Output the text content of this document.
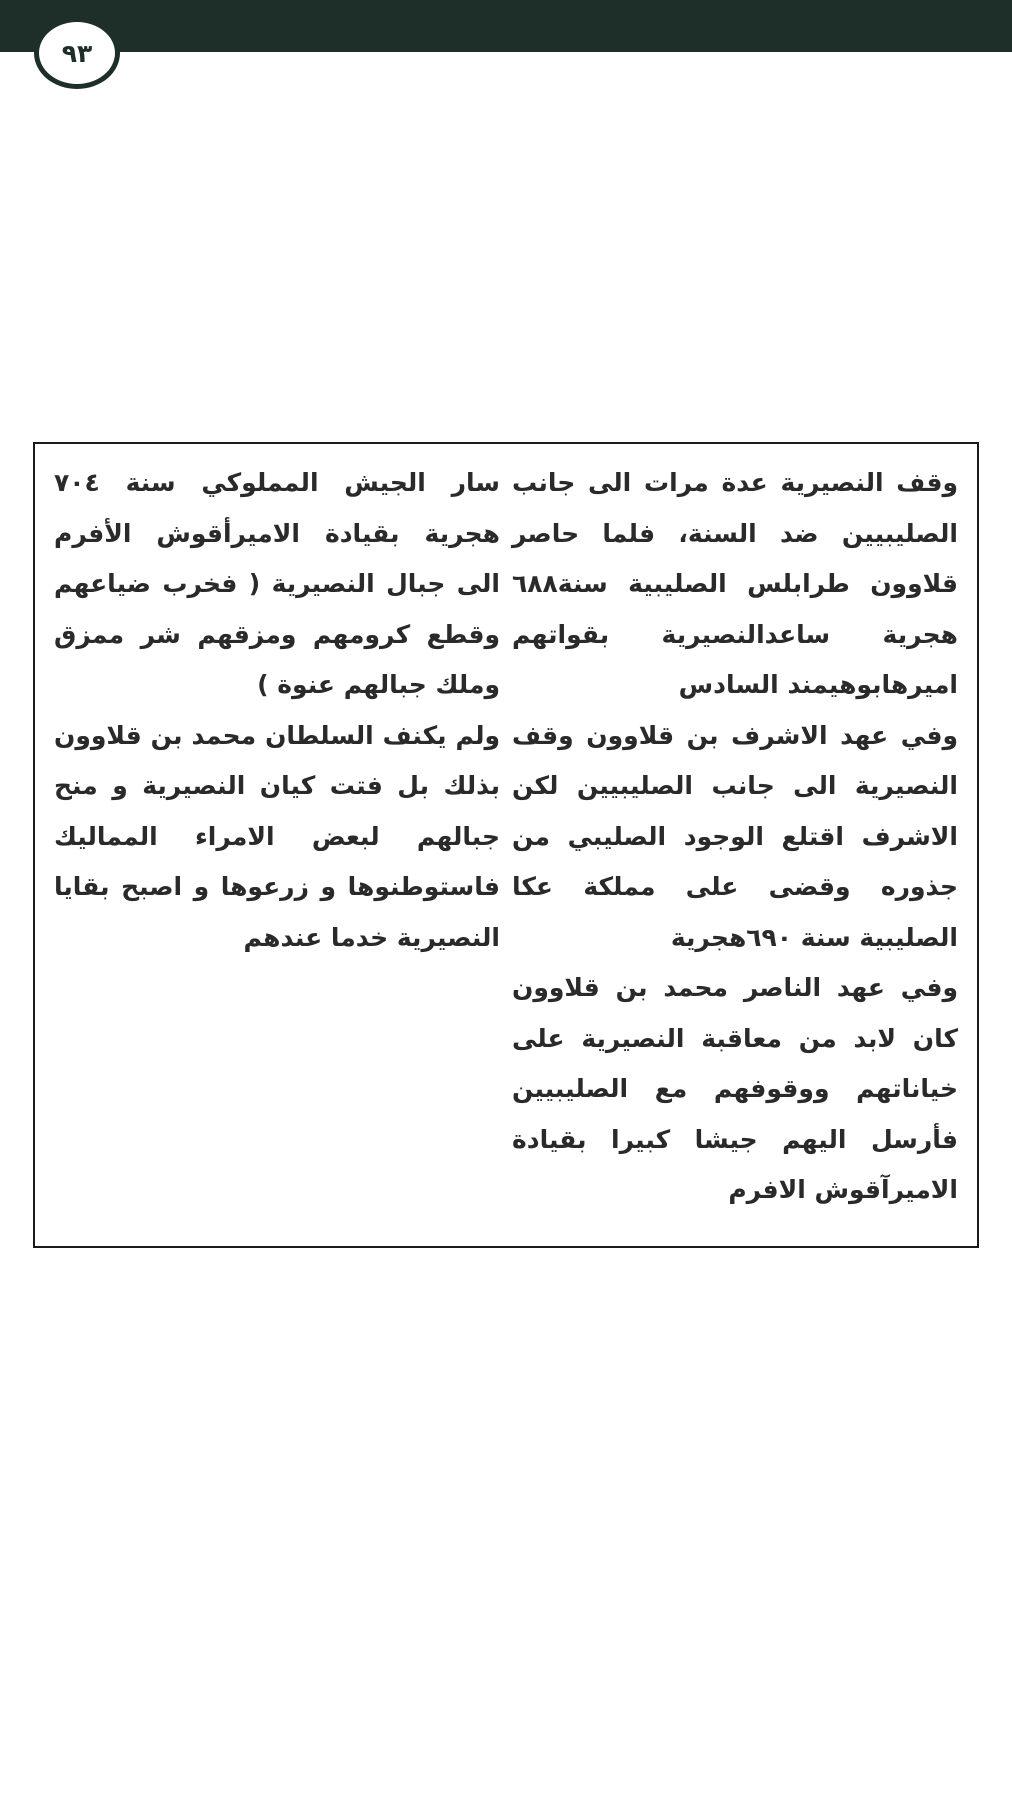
٩٣

وقف النصيرية عدة مرات الى جانب الصليبيين ضد السنة، فلما حاصر قلاوون طرابلس الصليبية سنة٦٨٨ هجرية ساعدالنصيرية بقواتهم اميرهابوهيمند السادس

وفي عهد الاشرف بن قلاوون وقف النصيرية الى جانب الصليبيين لكن الاشرف اقتلع الوجود الصليبي من جذوره وقضى على مملكة عكا الصليبية سنة ٦٩٠هجرية

وفي عهد الناصر محمد بن قلاوون كان لابد من معاقبة النصيرية على خياناتهم ووقوفهم مع الصليبيين فأرسل اليهم جيشا كبيرا بقيادة الاميرآقوش الافرم

سار الجيش المملوكي سنة ٧٠٤ هجرية بقيادة الاميرأقوش الأفرم الى جبال النصيرية ( فخرب ضياعهم وقطع كرومهم ومزقهم شر ممزق وملك جبالهم عنوة )

ولم يكنف السلطان محمد بن قلاوون بذلك بل فتت كيان النصيرية و منح جبالهم لبعض الامراء المماليك فاستوطنوها و زرعوها و اصبح بقايا النصيرية خدما عندهم
